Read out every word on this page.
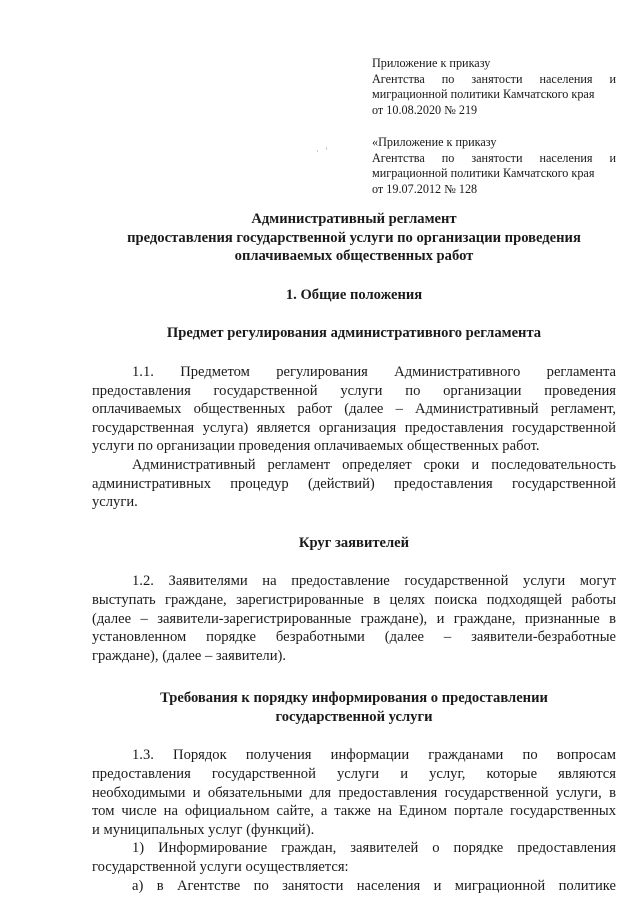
Приложение к приказу
Агентства по занятости населения и
миграционной политики Камчатского края
от 10.08.2020 № 219
·   '
«Приложение к приказу
Агентства по занятости населения и
миграционной политики Камчатского края
от 19.07.2012 № 128
Административный регламент
предоставления государственной услуги по организации проведения
оплачиваемых общественных работ
1. Общие положения
Предмет регулирования административного регламента
1.1. Предметом регулирования Административного регламента
предоставления государственной услуги по организации проведения
оплачиваемых общественных работ (далее – Административный регламент,
государственная услуга) является организация предоставления государственной
услуги по организации проведения оплачиваемых общественных работ.
Административный регламент определяет сроки и последовательность
административных процедур (действий) предоставления государственной
услуги.
Круг заявителей
1.2. Заявителями на предоставление государственной услуги могут
выступать граждане, зарегистрированные в целях поиска подходящей работы
(далее – заявители-зарегистрированные граждане), и граждане, признанные в
установленном порядке безработными (далее – заявители-безработные
граждане), (далее – заявители).
Требования к порядку информирования о предоставлении
государственной услуги
1.3. Порядок получения информации гражданами по вопросам
предоставления государственной услуги и услуг, которые являются
необходимыми и обязательными для предоставления государственной услуги, в
том числе на официальном сайте, а также на Едином портале государственных
и муниципальных услуг (функций).
1) Информирование граждан, заявителей о порядке предоставления
государственной услуги осуществляется:
а) в Агентстве по занятости населения и миграционной политике
